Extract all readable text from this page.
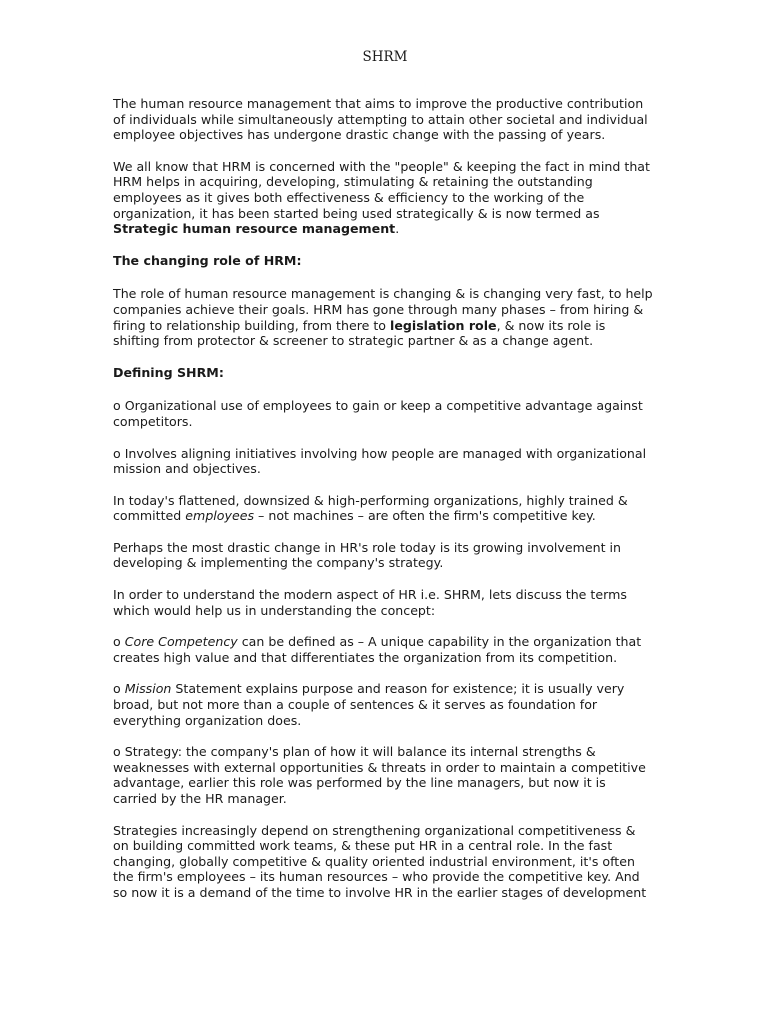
SHRM

The human resource management that aims to improve the productive contribution of individuals while simultaneously attempting to attain other societal and individual employee objectives has undergone drastic change with the passing of years.

We all know that HRM is concerned with the "people" & keeping the fact in mind that HRM helps in acquiring, developing, stimulating & retaining the outstanding employees as it gives both effectiveness & efficiency to the working of the organization, it has been started being used strategically & is now termed as Strategic human resource management.

The changing role of HRM:

The role of human resource management is changing & is changing very fast, to help companies achieve their goals. HRM has gone through many phases – from hiring & firing to relationship building, from there to legislation role, & now its role is shifting from protector & screener to strategic partner & as a change agent.

Defining SHRM:

o Organizational use of employees to gain or keep a competitive advantage against competitors.

o Involves aligning initiatives involving how people are managed with organizational mission and objectives.

In today's flattened, downsized & high-performing organizations, highly trained & committed employees – not machines – are often the firm's competitive key.

Perhaps the most drastic change in HR's role today is its growing involvement in developing & implementing the company's strategy.

In order to understand the modern aspect of HR i.e. SHRM, lets discuss the terms which would help us in understanding the concept:

o Core Competency can be defined as – A unique capability in the organization that creates high value and that differentiates the organization from its competition.

o Mission Statement explains purpose and reason for existence; it is usually very broad, but not more than a couple of sentences & it serves as foundation for everything organization does.

o Strategy: the company's plan of how it will balance its internal strengths & weaknesses with external opportunities & threats in order to maintain a competitive advantage, earlier this role was performed by the line managers, but now it is carried by the HR manager.

Strategies increasingly depend on strengthening organizational competitiveness & on building committed work teams, & these put HR in a central role. In the fast changing, globally competitive & quality oriented industrial environment, it's often the firm's employees – its human resources – who provide the competitive key. And so now it is a demand of the time to involve HR in the earlier stages of development
